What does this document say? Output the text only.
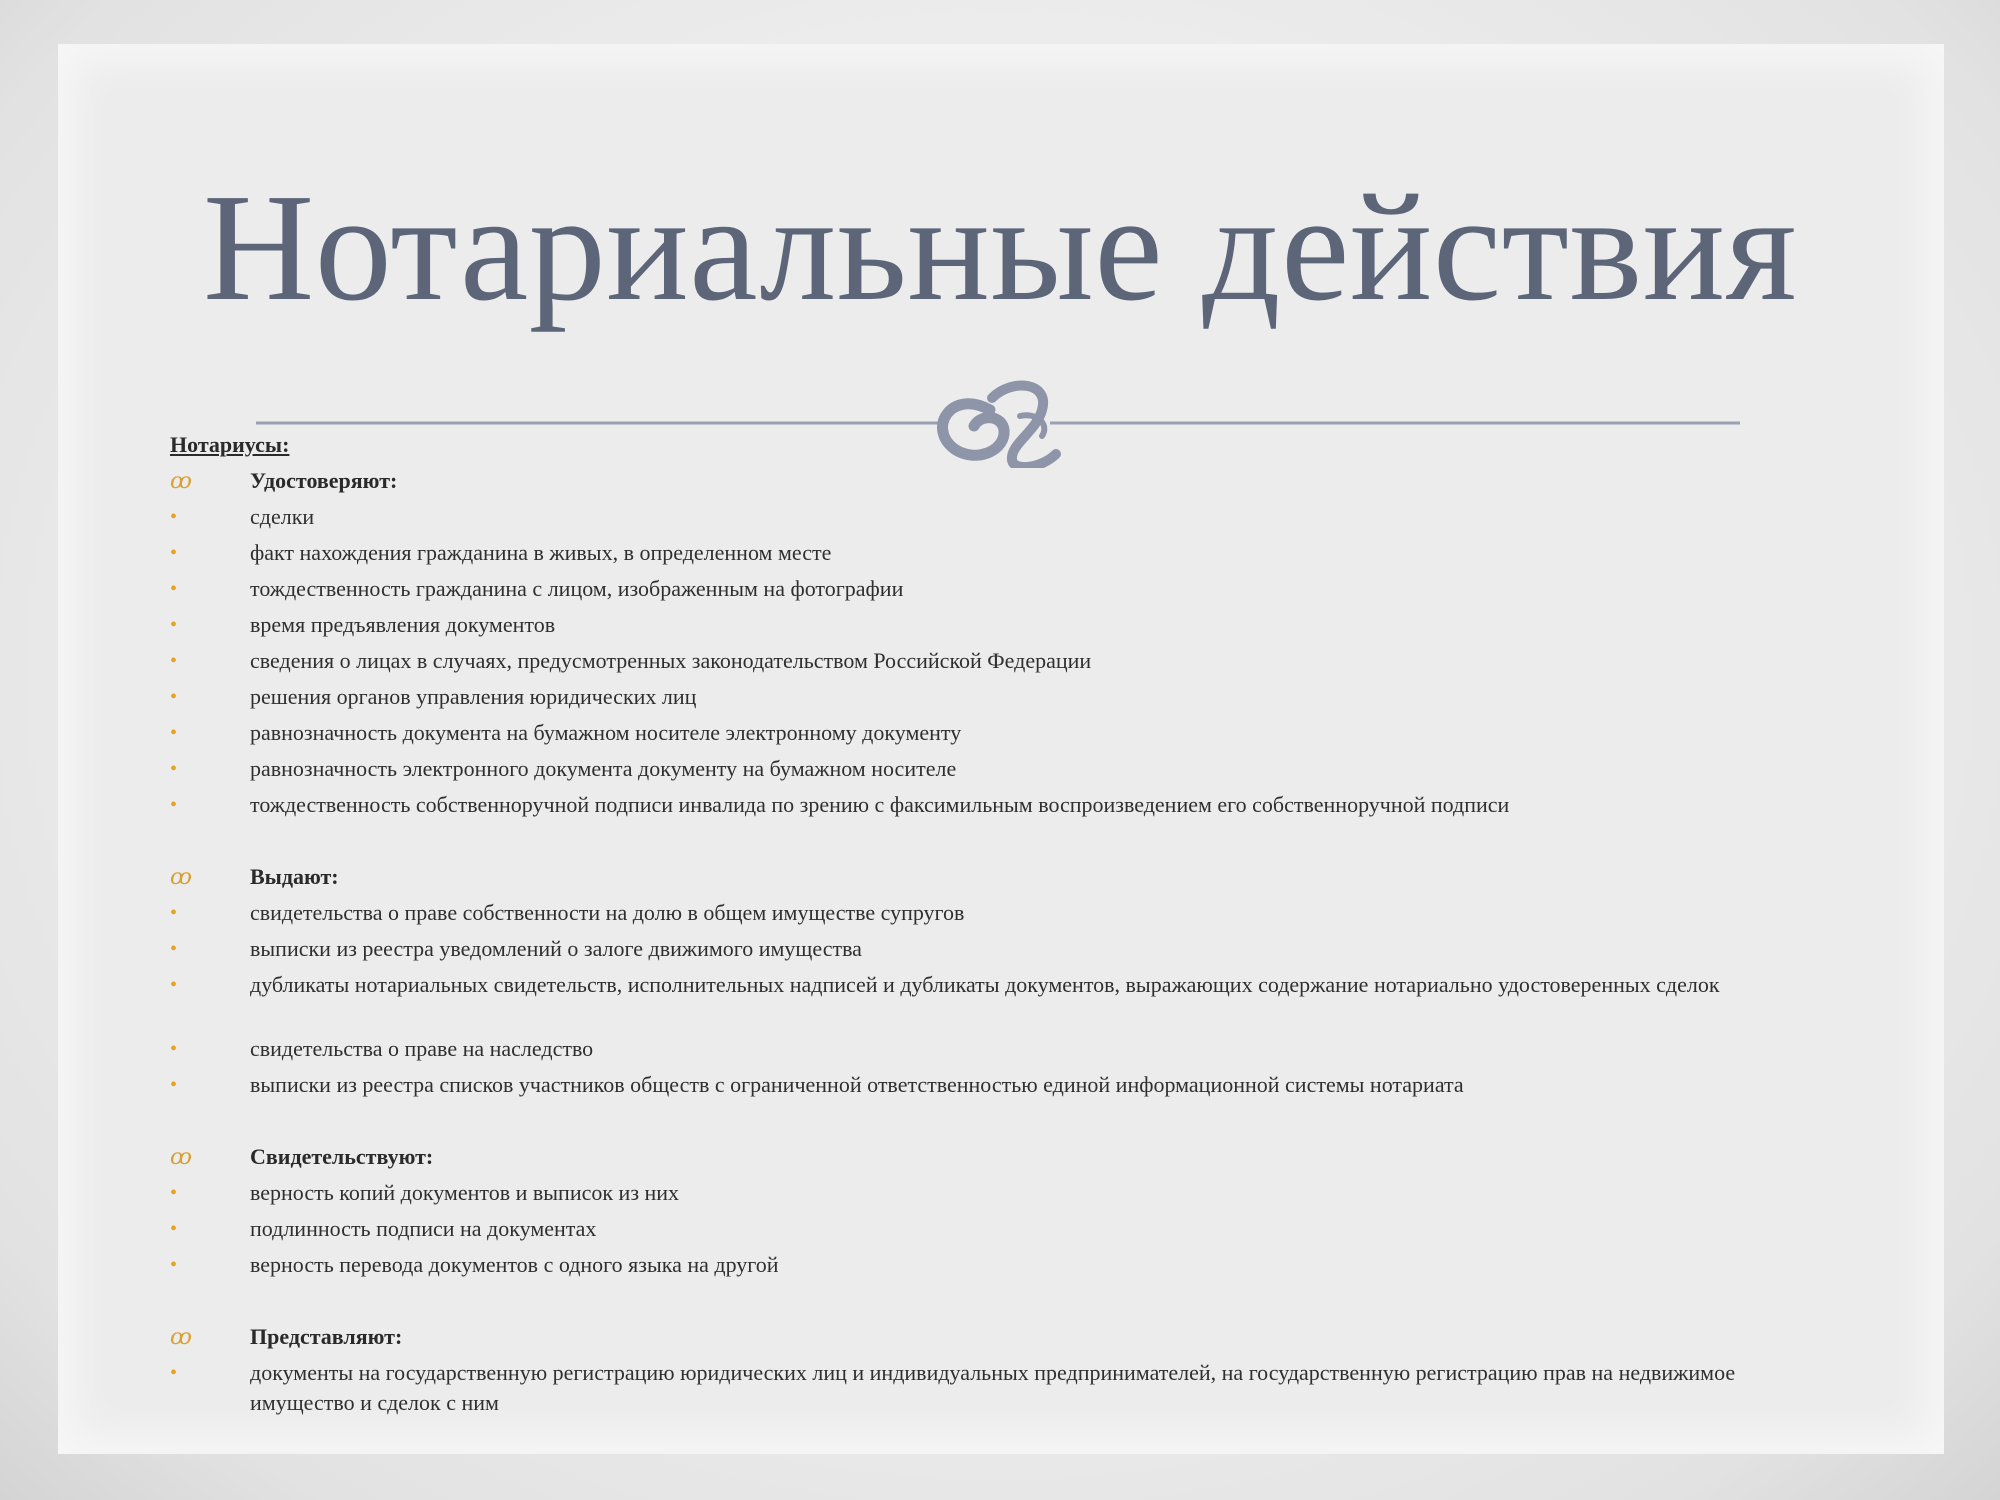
Нотариальные действия
Нотариусы:
ꝏ	Удостоверяют:
•	сделки
•	факт нахождения гражданина в живых, в определенном месте
•	тождественность гражданина с лицом, изображенным на фотографии
•	время предъявления документов
•	сведения о лицах в случаях, предусмотренных законодательством Российской Федерации
•	решения органов управления юридических лиц
•	равнозначность документа на бумажном носителе электронному документу
•	равнозначность электронного документа документу на бумажном носителе
•	тождественность собственноручной подписи инвалида по зрению с факсимильным воспроизведением его собственноручной подписи
ꝏ	Выдают:
•	свидетельства о праве собственности на долю в общем имуществе супругов
•	выписки из реестра уведомлений о залоге движимого имущества
•	дубликаты нотариальных свидетельств, исполнительных надписей и дубликаты документов, выражающих содержание нотариально удостоверенных сделок
•	свидетельства о праве на наследство
•	выписки из реестра списков участников обществ с ограниченной ответственностью единой информационной системы нотариата
ꝏ	Свидетельствуют:
•	верность копий документов и выписок из них
•	подлинность подписи на документах
•	верность перевода документов с одного языка на другой
ꝏ	Представляют:
•	документы на государственную регистрацию юридических лиц и индивидуальных предпринимателей, на государственную регистрацию прав на недвижимое имущество и сделок с ним
